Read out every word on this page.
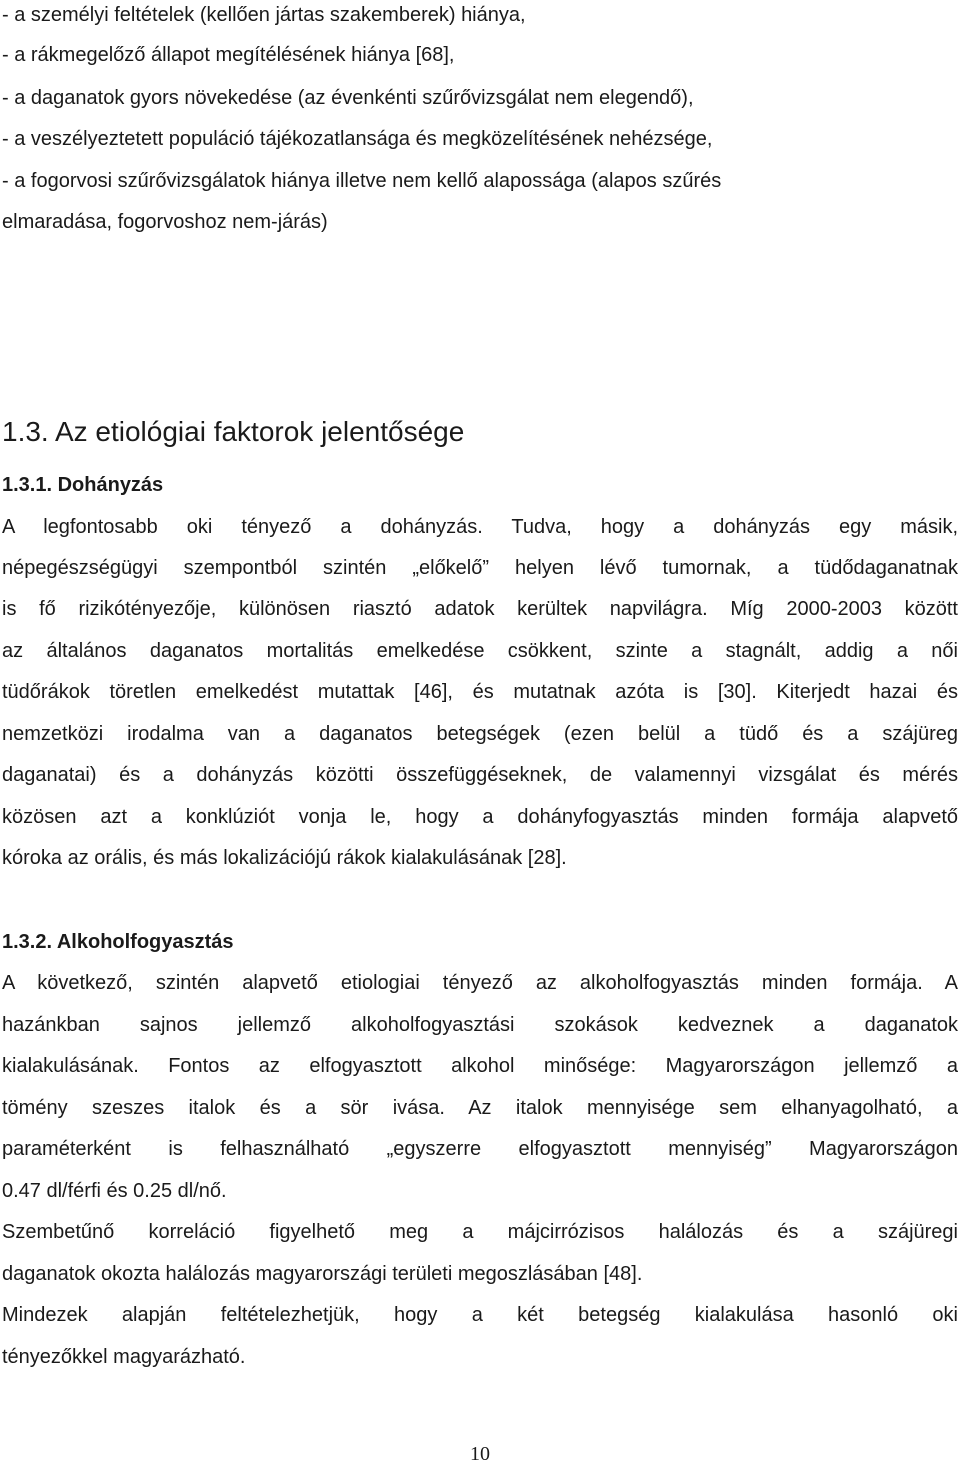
- a személyi feltételek (kellően jártas szakemberek) hiánya,
- a rákmegelőző állapot megítélésének hiánya [68],
- a daganatok gyors növekedése (az évenkénti szűrővizsgálat nem elegendő),
- a veszélyeztetett populáció tájékozatlansága és megközelítésének nehézsége,
- a fogorvosi szűrővizsgálatok hiánya illetve nem kellő alapossága (alapos szűrés
elmaradása, fogorvoshoz nem-járás)
1.3. Az etiológiai faktorok jelentősége
1.3.1. Dohányzás
A legfontosabb oki tényező a dohányzás. Tudva, hogy a dohányzás egy másik,
népegészségügyi szempontból szintén „előkelő” helyen lévő tumornak, a tüdődaganatnak
is fő rizikótényezője, különösen riasztó adatok kerültek napvilágra. Míg 2000-2003 között
az általános daganatos mortalitás emelkedése csökkent, szinte a stagnált, addig a női
tüdőrákok töretlen emelkedést mutattak [46], és mutatnak azóta is [30]. Kiterjedt hazai és
nemzetközi irodalma van a daganatos betegségek (ezen belül a tüdő és a szájüreg
daganatai) és a dohányzás közötti összefüggéseknek, de valamennyi vizsgálat és mérés
közösen azt a konklúziót vonja le, hogy a dohányfogyasztás minden formája alapvető
kóroka az orális, és más lokalizációjú rákok kialakulásának [28].
1.3.2. Alkoholfogyasztás
A következő, szintén alapvető etiologiai tényező az alkoholfogyasztás minden formája. A
hazánkban sajnos jellemző alkoholfogyasztási szokások kedveznek a daganatok
kialakulásának. Fontos az elfogyasztott alkohol minősége: Magyarországon jellemző a
tömény szeszes italok és a sör ivása. Az italok mennyisége sem elhanyagolható, a
paraméterként is felhasználható „egyszerre elfogyasztott mennyiség” Magyarországon
0.47 dl/férfi és 0.25 dl/nő.
Szembetűnő korreláció figyelhető meg a májcirrózisos halálozás és a szájüregi
daganatok okozta halálozás magyarországi területi megoszlásában [48].
Mindezek alapján feltételezhetjük, hogy a két betegség kialakulása hasonló oki
tényezőkkel magyarázható.
10
